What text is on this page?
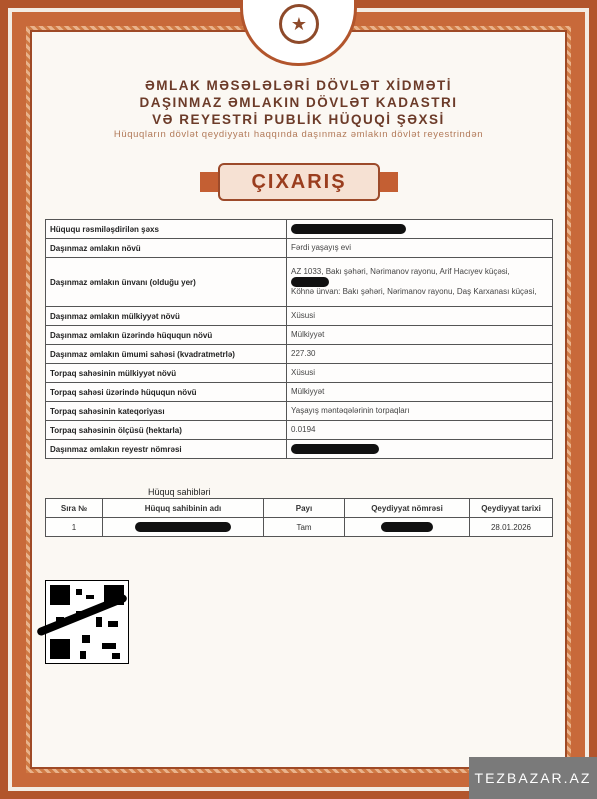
★
ƏMLAK MƏSƏLƏLƏRİ DÖVLƏT XİDMƏTİ
DAŞINMAZ ƏMLAKIN DÖVLƏT KADASTRI
VƏ REYESTRİ PUBLİK HÜQUQİ ŞƏXSİ
Hüquqların dövlət qeydiyyatı haqqında daşınmaz əmlakın dövlət reyestrindən
ÇIXARIŞ
Hüququ rəsmiləşdirilən şəxs	
Daşınmaz əmlakın növü	Fərdi yaşayış evi
Daşınmaz əmlakın ünvanı (olduğu yer)	AZ 1033, Bakı şəhəri, Nərimanov rayonu, Arif Hacıyev küçəsi,
Köhnə ünvan: Bakı şəhəri, Nərimanov rayonu, Daş Karxanası küçəsi,

Daşınmaz əmlakın mülkiyyət növü	Xüsusi
Daşınmaz əmlakın üzərində hüququn növü	Mülkiyyət
Daşınmaz əmlakın ümumi sahəsi (kvadratmetrlə)	227.30
Torpaq sahəsinin mülkiyyət növü	Xüsusi
Torpaq sahəsi üzərində hüququn növü	Mülkiyyət
Torpaq sahəsinin kateqoriyası	Yaşayış məntəqələrinin torpaqları
Torpaq sahəsinin ölçüsü (hektarla)	0.0194
Daşınmaz əmlakın reyestr nömrəsi	
Hüquq sahibləri
Sıra №	Hüquq sahibinin adı	Payı	Qeydiyyat nömrəsi	Qeydiyyat tarixi
1		Tam		28.01.2026
TEZBAZAR.AZ
